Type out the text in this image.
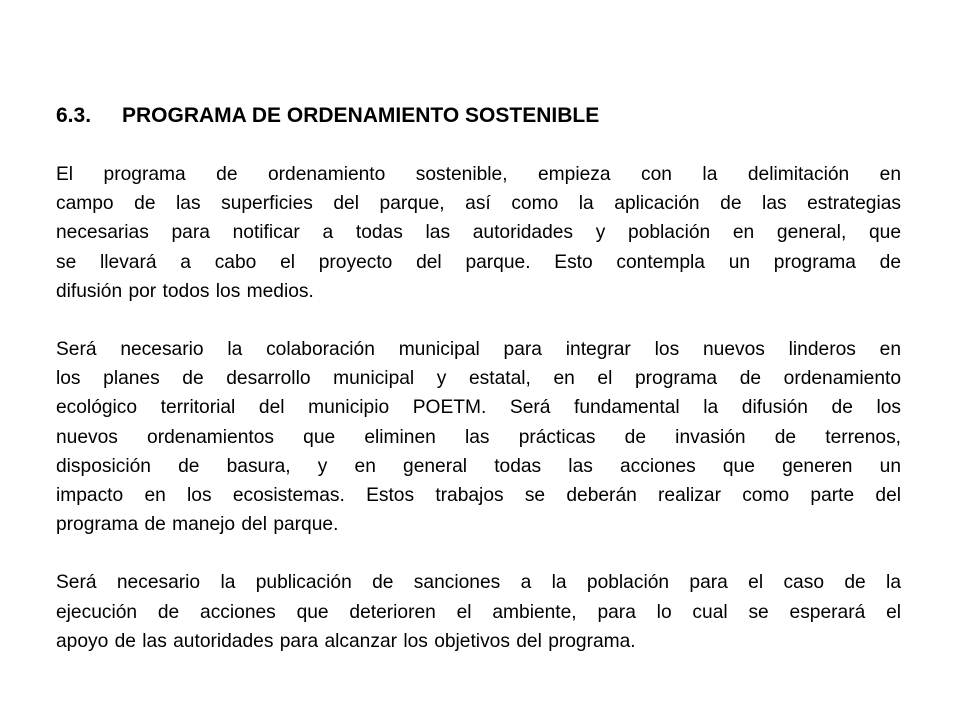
6.3. PROGRAMA DE ORDENAMIENTO SOSTENIBLE
El programa de ordenamiento sostenible, empieza con la delimitación en
campo de las superficies del parque, así como la aplicación de las estrategias
necesarias para notificar a todas las autoridades y población en general, que
se llevará a cabo el proyecto del parque. Esto contempla un programa de
difusión por todos los medios.
Será necesario la colaboración municipal para integrar los nuevos linderos en
los planes de desarrollo municipal y estatal, en el programa de ordenamiento
ecológico territorial del municipio POETM. Será fundamental la difusión de los
nuevos ordenamientos que eliminen las prácticas de invasión de terrenos,
disposición de basura, y en general todas las acciones que generen un
impacto en los ecosistemas. Estos trabajos se deberán realizar como parte del
programa de manejo del parque.
Será necesario la publicación de sanciones a la población para el caso de la
ejecución de acciones que deterioren el ambiente, para lo cual se esperará el
apoyo de las autoridades para alcanzar los objetivos del programa.
